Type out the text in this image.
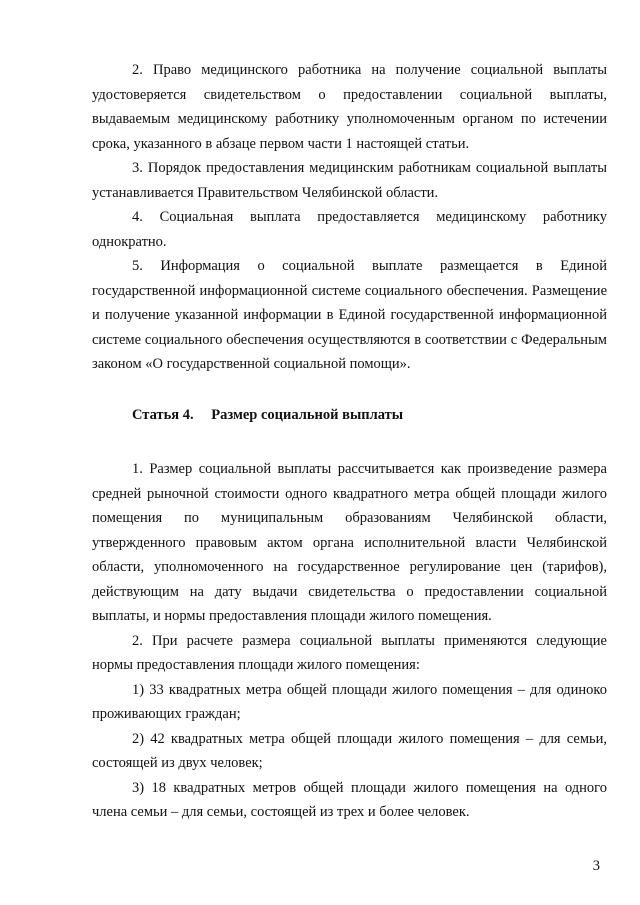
2. Право медицинского работника на получение социальной выплаты удостоверяется свидетельством о предоставлении социальной выплаты, выдаваемым медицинскому работнику уполномоченным органом по истечении срока, указанного в абзаце первом части 1 настоящей статьи.

3. Порядок предоставления медицинским работникам социальной выплаты устанавливается Правительством Челябинской области.

4. Социальная выплата предоставляется медицинскому работнику однократно.

5. Информация о социальной выплате размещается в Единой государственной информационной системе социального обеспечения. Размещение и получение указанной информации в Единой государственной информационной системе социального обеспечения осуществляются в соответствии с Федеральным законом «О государственной социальной помощи».

Статья 4. Размер социальной выплаты

1. Размер социальной выплаты рассчитывается как произведение размера средней рыночной стоимости одного квадратного метра общей площади жилого помещения по муниципальным образованиям Челябинской области, утвержденного правовым актом органа исполнительной власти Челябинской области, уполномоченного на государственное регулирование цен (тарифов), действующим на дату выдачи свидетельства о предоставлении социальной выплаты, и нормы предоставления площади жилого помещения.

2. При расчете размера социальной выплаты применяются следующие нормы предоставления площади жилого помещения:

1) 33 квадратных метра общей площади жилого помещения – для одиноко проживающих граждан;

2) 42 квадратных метра общей площади жилого помещения – для семьи, состоящей из двух человек;

3) 18 квадратных метров общей площади жилого помещения на одного члена семьи – для семьи, состоящей из трех и более человек.

3
